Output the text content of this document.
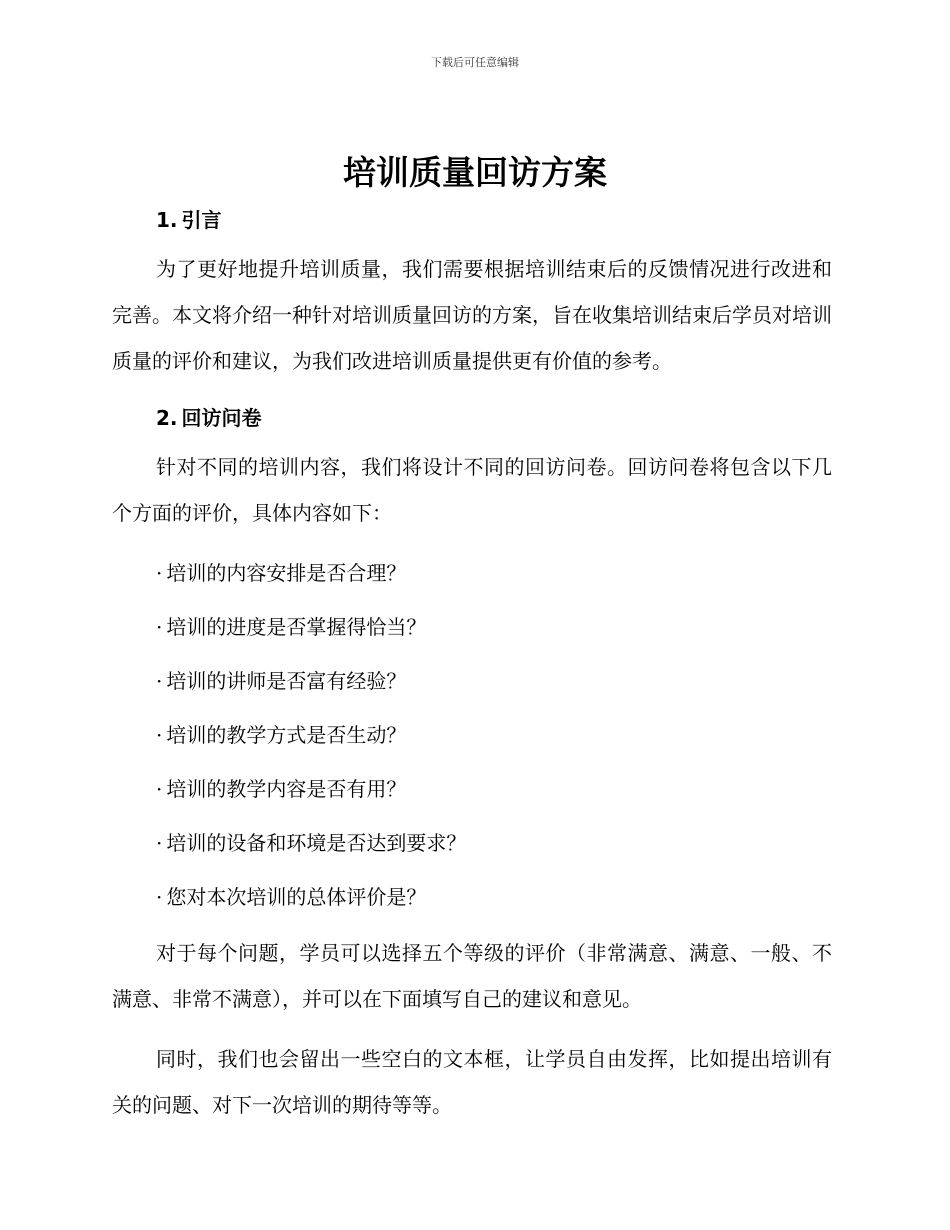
下载后可任意编辑
培训质量回访方案
1. 引言

为了更好地提升培训质量，我们需要根据培训结束后的反馈情况进行改进和完善。本文将介绍一种针对培训质量回访的方案，旨在收集培训结束后学员对培训质量的评价和建议，为我们改进培训质量提供更有价值的参考。

2. 回访问卷

针对不同的培训内容，我们将设计不同的回访问卷。回访问卷将包含以下几个方面的评价，具体内容如下：

· 培训的内容安排是否合理？
· 培训的进度是否掌握得恰当？
· 培训的讲师是否富有经验？
· 培训的教学方式是否生动？
· 培训的教学内容是否有用？
· 培训的设备和环境是否达到要求？
· 您对本次培训的总体评价是？

对于每个问题，学员可以选择五个等级的评价（非常满意、满意、一般、不满意、非常不满意），并可以在下面填写自己的建议和意见。

同时，我们也会留出一些空白的文本框，让学员自由发挥，比如提出培训有关的问题、对下一次培训的期待等等。
